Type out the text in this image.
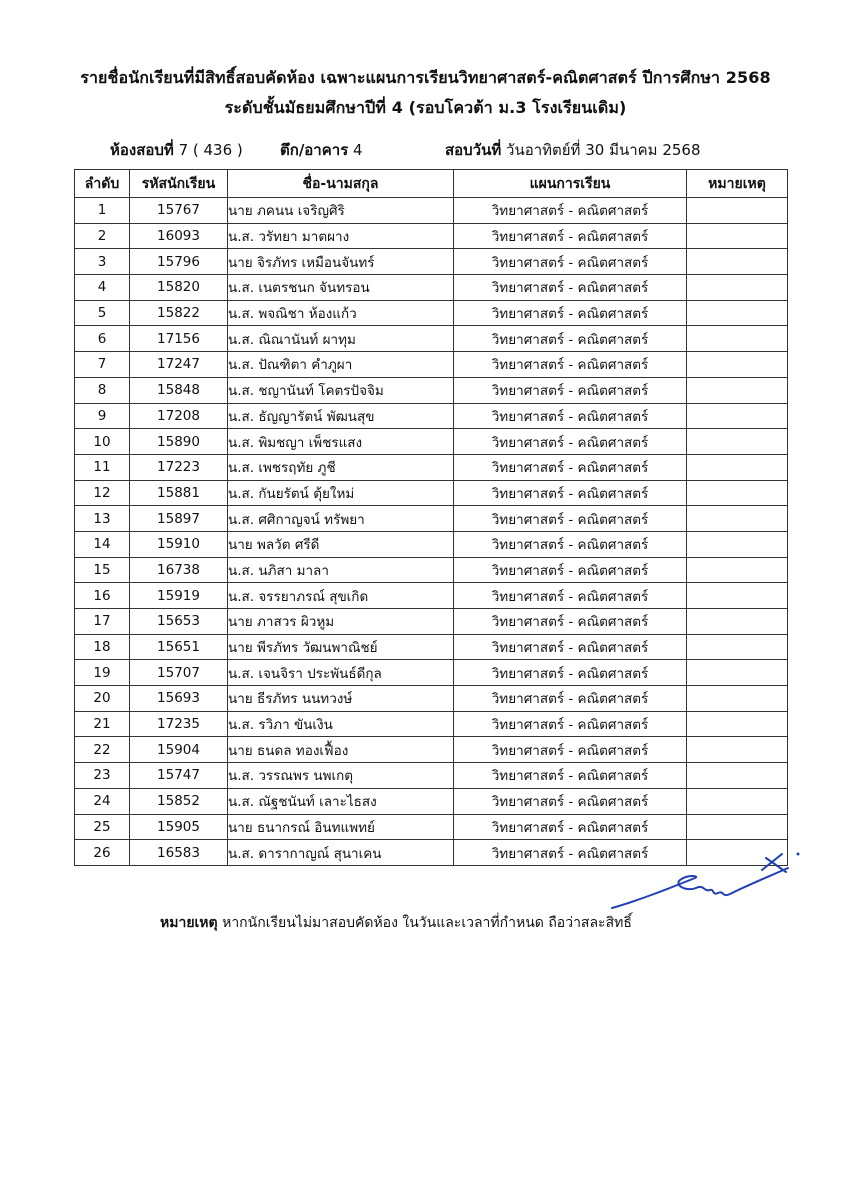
รายชื่อนักเรียนที่มีสิทธิ์สอบคัดห้อง เฉพาะแผนการเรียนวิทยาศาสตร์-คณิตศาสตร์ ปีการศึกษา 2568
ระดับชั้นมัธยมศึกษาปีที่ 4 (รอบโควต้า ม.3 โรงเรียนเดิม)
ห้องสอบที่ 7 ( 436 ) ตึก/อาคาร 4	สอบวันที่ วันอาทิตย์ที่ 30 มีนาคม 2568
ลำดับ	รหัสนักเรียน	ชื่อ-นามสกุล	แผนการเรียน	หมายเหตุ
1	15767	นาย ภคนน เจริญศิริ	วิทยาศาสตร์ - คณิตศาสตร์	
2	16093	น.ส. วรัทยา มาตผาง	วิทยาศาสตร์ - คณิตศาสตร์	
3	15796	นาย จิรภัทร เหมือนจันทร์	วิทยาศาสตร์ - คณิตศาสตร์	
4	15820	น.ส. เนตรชนก จันทรอน	วิทยาศาสตร์ - คณิตศาสตร์	
5	15822	น.ส. พจณิชา ห้องแก้ว	วิทยาศาสตร์ - คณิตศาสตร์	
6	17156	น.ส. ณิณานันท์ ผาทุม	วิทยาศาสตร์ - คณิตศาสตร์	
7	17247	น.ส. ปัณฑิตา คำภูผา	วิทยาศาสตร์ - คณิตศาสตร์	
8	15848	น.ส. ชญานันท์ โคตรปัจจิม	วิทยาศาสตร์ - คณิตศาสตร์	
9	17208	น.ส. ธัญญารัตน์ พัฒนสุข	วิทยาศาสตร์ - คณิตศาสตร์	
10	15890	น.ส. พิมชญา เพ็ชรแสง	วิทยาศาสตร์ - คณิตศาสตร์	
11	17223	น.ส. เพชรฤทัย ภูชี	วิทยาศาสตร์ - คณิตศาสตร์	
12	15881	น.ส. กันยรัตน์ ตุ้ยใหม่	วิทยาศาสตร์ - คณิตศาสตร์	
13	15897	น.ส. ศศิกาญจน์ ทรัพยา	วิทยาศาสตร์ - คณิตศาสตร์	
14	15910	นาย พลวัต ศรีดี	วิทยาศาสตร์ - คณิตศาสตร์	
15	16738	น.ส. นภิสา มาลา	วิทยาศาสตร์ - คณิตศาสตร์	
16	15919	น.ส. จรรยาภรณ์ สุขเกิด	วิทยาศาสตร์ - คณิตศาสตร์	
17	15653	นาย ภาสวร ผิวหูม	วิทยาศาสตร์ - คณิตศาสตร์	
18	15651	นาย พีรภัทร วัฒนพาณิชย์	วิทยาศาสตร์ - คณิตศาสตร์	
19	15707	น.ส. เจนจิรา ประพันธ์ดีกุล	วิทยาศาสตร์ - คณิตศาสตร์	
20	15693	นาย ธีรภัทร นนทวงษ์	วิทยาศาสตร์ - คณิตศาสตร์	
21	17235	น.ส. รวิภา ขันเงิน	วิทยาศาสตร์ - คณิตศาสตร์	
22	15904	นาย ธนดล ทองเฟื้อง	วิทยาศาสตร์ - คณิตศาสตร์	
23	15747	น.ส. วรรณพร นพเกตุ	วิทยาศาสตร์ - คณิตศาสตร์	
24	15852	น.ส. ณัฐชนันท์ เลาะไธสง	วิทยาศาสตร์ - คณิตศาสตร์	
25	15905	นาย ธนากรณ์ อินทแพทย์	วิทยาศาสตร์ - คณิตศาสตร์	
26	16583	น.ส. ดารากาญณ์ สุนาเคน	วิทยาศาสตร์ - คณิตศาสตร์	
หมายเหตุ หากนักเรียนไม่มาสอบคัดห้อง ในวันและเวลาที่กำหนด ถือว่าสละสิทธิ์
